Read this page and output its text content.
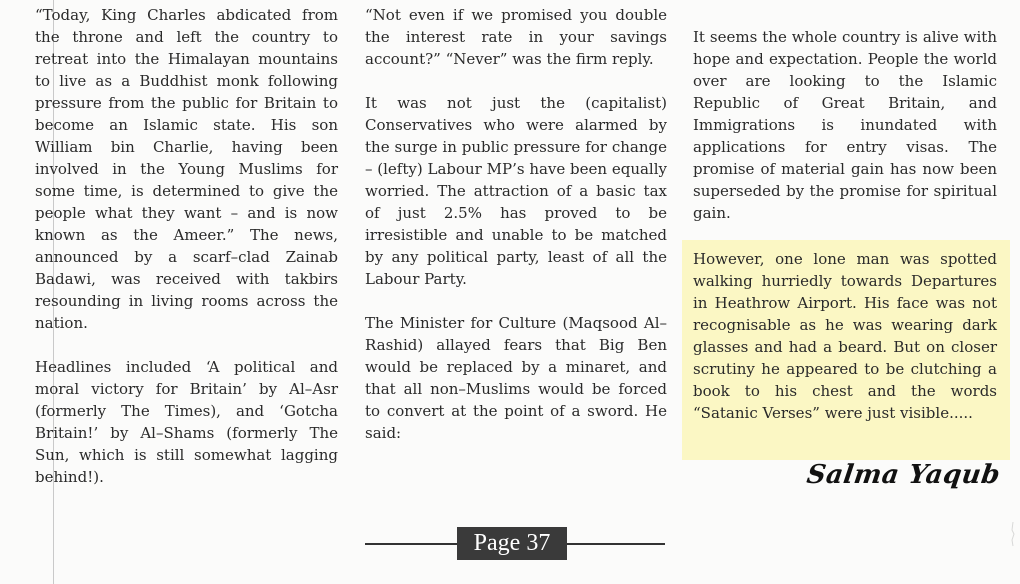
“Today, King Charles abdicated from the throne and left the country to retreat into the Himalayan mountains to live as a Buddhist monk following pressure from the public for Britain to become an Islamic state. His son William bin Charlie, having been involved in the Young Muslims for some time, is determined to give the people what they want – and is now known as the Ameer.” The news, announced by a scarf–clad Zainab Badawi, was received with takbirs resounding in living rooms across the nation.

Headlines included ‘A political and moral victory for Britain’ by Al–Asr (formerly The Times), and ‘Gotcha Britain!’ by Al–Shams (formerly The Sun, which is still somewhat lagging behind!).

“Not even if we promised you double the interest rate in your savings account?” “Never” was the firm reply.

It was not just the (capitalist) Conservatives who were alarmed by the surge in public pressure for change – (lefty) Labour MP’s have been equally worried. The attraction of a basic tax of just 2.5% has proved to be irresistible and unable to be matched by any political party, least of all the Labour Party.

The Minister for Culture (Maqsood Al–Rashid) allayed fears that Big Ben would be replaced by a minaret, and that all non–Muslims would be forced to convert at the point of a sword. He said:

It seems the whole country is alive with hope and expectation. People the world over are looking to the Islamic Republic of Great Britain, and Immigrations is inundated with applications for entry visas. The promise of material gain has now been superseded by the promise for spiritual gain.

However, one lone man was spotted walking hurriedly towards Departures in Heathrow Airport. His face was not recognisable as he was wearing dark glasses and had a beard. But on closer scrutiny he appeared to be clutching a book to his chest and the words “Satanic Verses” were just visible.....

Salma Yaqub
Page 37
